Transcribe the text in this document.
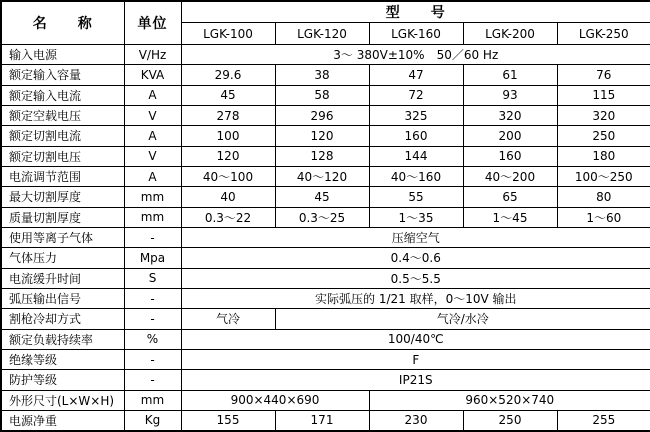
名　　称	单位	型　　号				
		LGK-100	LGK-120	LGK-160	LGK-200	LGK-250
输入电源	V/Hz	3～ 380V±10%　50／60 Hz				
额定输入容量	KVA	29.6	38	47	61	76
额定输入电流	A	45	58	72	93	115
额定空载电压	V	278	296	325	320	320
额定切割电流	A	100	120	160	200	250
额定切割电压	V	120	128	144	160	180
电流调节范围	A	40～100	40～120	40～160	40～200	100～250
最大切割厚度	mm	40	45	55	65	80
质量切割厚度	mm	0.3～22	0.3～25	1～35	1～45	1～60
使用等离子气体	-	压缩空气				
气体压力	Mpa	0.4～0.6				
电流缓升时间	S	0.5～5.5				
弧压输出信号	-	实际弧压的 1/21 取样，0～10V 输出				
割枪冷却方式	-	气冷	气冷/水冷			
额定负载持续率	%	100/40℃				
绝缘等级	-	F				
防护等级	-	IP21S				
外形尺寸(L×W×H)	mm	900×440×690		960×520×740		
电源净重	Kg	155	171	230	250	255
